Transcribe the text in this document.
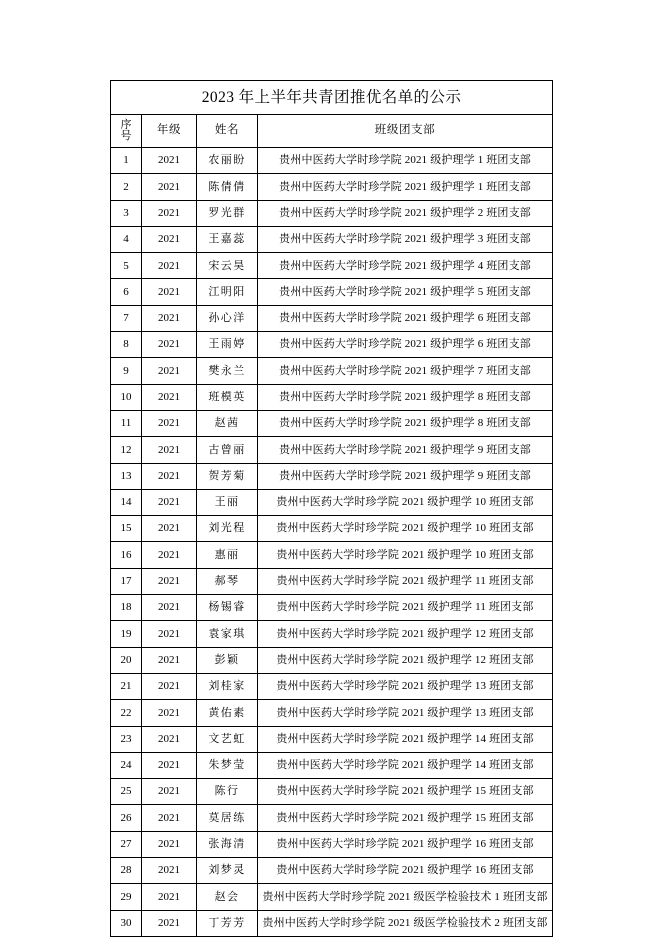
2023 年上半年共青团推优名单的公示			

序
号	年级	姓名	班级团支部
1	2021	农丽盼	贵州中医药大学时珍学院 2021 级护理学 1 班团支部
2	2021	陈倩倩	贵州中医药大学时珍学院 2021 级护理学 1 班团支部
3	2021	罗光群	贵州中医药大学时珍学院 2021 级护理学 2 班团支部
4	2021	王嘉蕊	贵州中医药大学时珍学院 2021 级护理学 3 班团支部
5	2021	宋云昊	贵州中医药大学时珍学院 2021 级护理学 4 班团支部
6	2021	江明阳	贵州中医药大学时珍学院 2021 级护理学 5 班团支部
7	2021	孙心洋	贵州中医药大学时珍学院 2021 级护理学 6 班团支部
8	2021	王雨婷	贵州中医药大学时珍学院 2021 级护理学 6 班团支部
9	2021	樊永兰	贵州中医药大学时珍学院 2021 级护理学 7 班团支部
10	2021	班模英	贵州中医药大学时珍学院 2021 级护理学 8 班团支部
11	2021	赵茜	贵州中医药大学时珍学院 2021 级护理学 8 班团支部
12	2021	古曾丽	贵州中医药大学时珍学院 2021 级护理学 9 班团支部
13	2021	贺芳菊	贵州中医药大学时珍学院 2021 级护理学 9 班团支部
14	2021	王丽	贵州中医药大学时珍学院 2021 级护理学 10 班团支部
15	2021	刘光程	贵州中医药大学时珍学院 2021 级护理学 10 班团支部
16	2021	惠丽	贵州中医药大学时珍学院 2021 级护理学 10 班团支部
17	2021	郝琴	贵州中医药大学时珍学院 2021 级护理学 11 班团支部
18	2021	杨锡睿	贵州中医药大学时珍学院 2021 级护理学 11 班团支部
19	2021	袁家琪	贵州中医药大学时珍学院 2021 级护理学 12 班团支部
20	2021	彭颖	贵州中医药大学时珍学院 2021 级护理学 12 班团支部
21	2021	刘桂家	贵州中医药大学时珍学院 2021 级护理学 13 班团支部
22	2021	黄佑素	贵州中医药大学时珍学院 2021 级护理学 13 班团支部
23	2021	文艺虹	贵州中医药大学时珍学院 2021 级护理学 14 班团支部
24	2021	朱梦莹	贵州中医药大学时珍学院 2021 级护理学 14 班团支部
25	2021	陈行	贵州中医药大学时珍学院 2021 级护理学 15 班团支部
26	2021	莫居练	贵州中医药大学时珍学院 2021 级护理学 15 班团支部
27	2021	张海清	贵州中医药大学时珍学院 2021 级护理学 16 班团支部
28	2021	刘梦灵	贵州中医药大学时珍学院 2021 级护理学 16 班团支部
29	2021	赵会	贵州中医药大学时珍学院 2021 级医学检验技术 1 班团支部
30	2021	丁芳芳	贵州中医药大学时珍学院 2021 级医学检验技术 2 班团支部
